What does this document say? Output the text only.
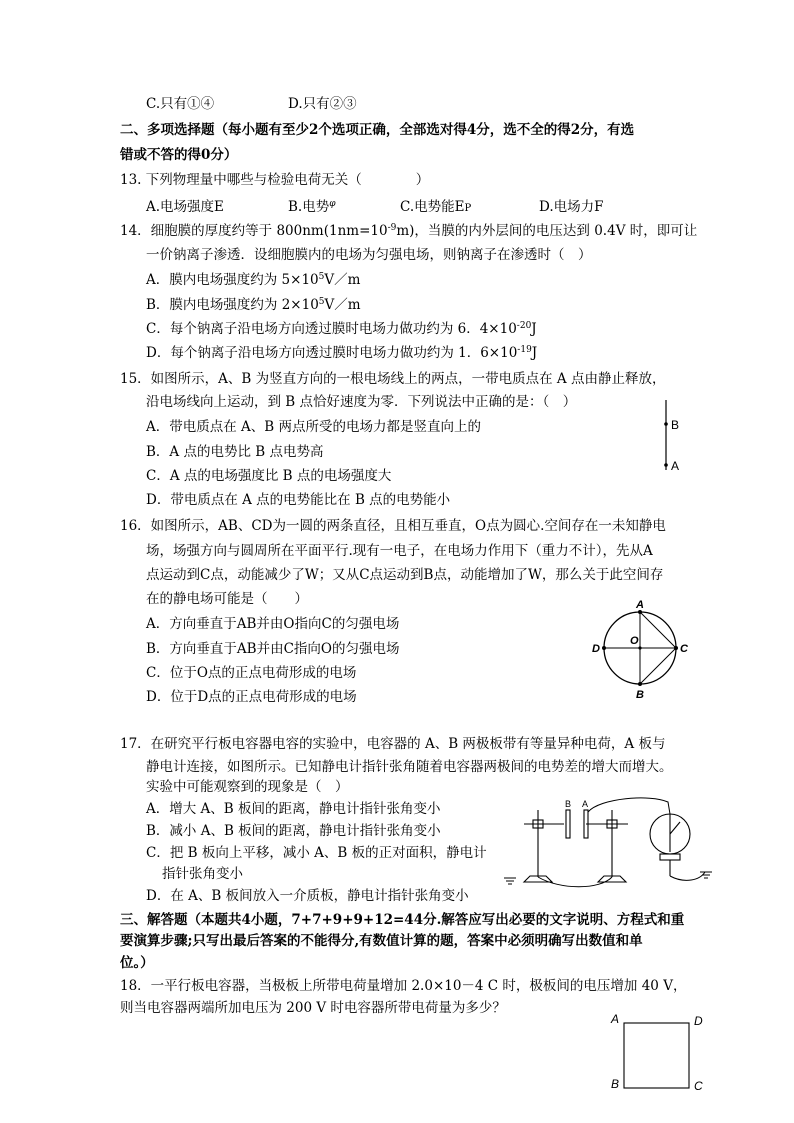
C.只有①④	D.只有②③
二、多项选择题（每小题有至少2个选项正确，全部选对得4分，选不全的得2分，有选
错或不答的得0分）
13. 下列物理量中哪些与检验电荷无关（　　　　）
A.电场强度E	B.电势$^\varphi$	C.电势能EP	D.电场力F
14．细胞膜的厚度约等于 $800nm(1nm=10^{-9}m)$，当膜的内外层间的电压达到 0.4V 时，即可让
一价钠离子渗透．设细胞膜内的电场为匀强电场，则钠离子在渗透时（　）
A．膜内电场强度约为 $5\times 10^5V/m$
B．膜内电场强度约为 $2\times 10^5V/m$
C．每个钠离子沿电场方向透过膜时电场力做功约为 6．$4\times 10^{-20}J$
D．每个钠离子沿电场方向透过膜时电场力做功约为 1．$6\times 10^{-19}J$
15．如图所示，A、B 为竖直方向的一根电场线上的两点，一带电质点在 A 点由静止释放，
沿电场线向上运动，到 B 点恰好速度为零．下列说法中正确的是：（　）
A．带电质点在 A、B 两点所受的电场力都是竖直向上的
B．A 点的电势比 B 点电势高
C．A 点的电场强度比 B 点的电场强度大
D．带电质点在 A 点的电势能比在 B 点的电势能小
B
A
16．如图所示，AB、CD为一圆的两条直径，且相互垂直，O点为圆心.空间存在一未知静电
场，场强方向与圆周所在平面平行.现有一电子，在电场力作用下（重力不计），先从A
点运动到C点，动能减少了W；又从C点运动到B点，动能增加了W，那么关于此空间存
在的静电场可能是（　　）
A．方向垂直于AB并由O指向C的匀强电场
B．方向垂直于AB并由C指向O的匀强电场
C．位于O点的正点电荷形成的电场
D．位于D点的正点电荷形成的电场
A
B
D	C
O
17．在研究平行板电容器电容的实验中，电容器的 A、B 两极板带有等量异种电荷，A 板与
静电计连接，如图所示。已知静电计指针张角随着电容器两极间的电势差的增大而增大。
实验中可能观察到的现象是（　）
A．增大 A、B 板间的距离，静电计指针张角变小
B．减小 A、B 板间的距离，静电计指针张角变小
C．把 B 板向上平移，减小 A、B 板的正对面积，静电计
指针张角变小
D．在 A、B 板间放入一介质板，静电计指针张角变小
B A
三、解答题（本题共4小题，7+7+9+9+12=44分.解答应写出必要的文字说明、方程式和重
要演算步骤;只写出最后答案的不能得分,有数值计算的题，答案中必须明确写出数值和单
位。）
18．一平行板电容器，当极板上所带电荷量增加 2.0×10－4 C 时，极板间的电压增加 40 V，
则当电容器两端所加电压为 200 V 时电容器所带电荷量为多少？
A	D
B	C
